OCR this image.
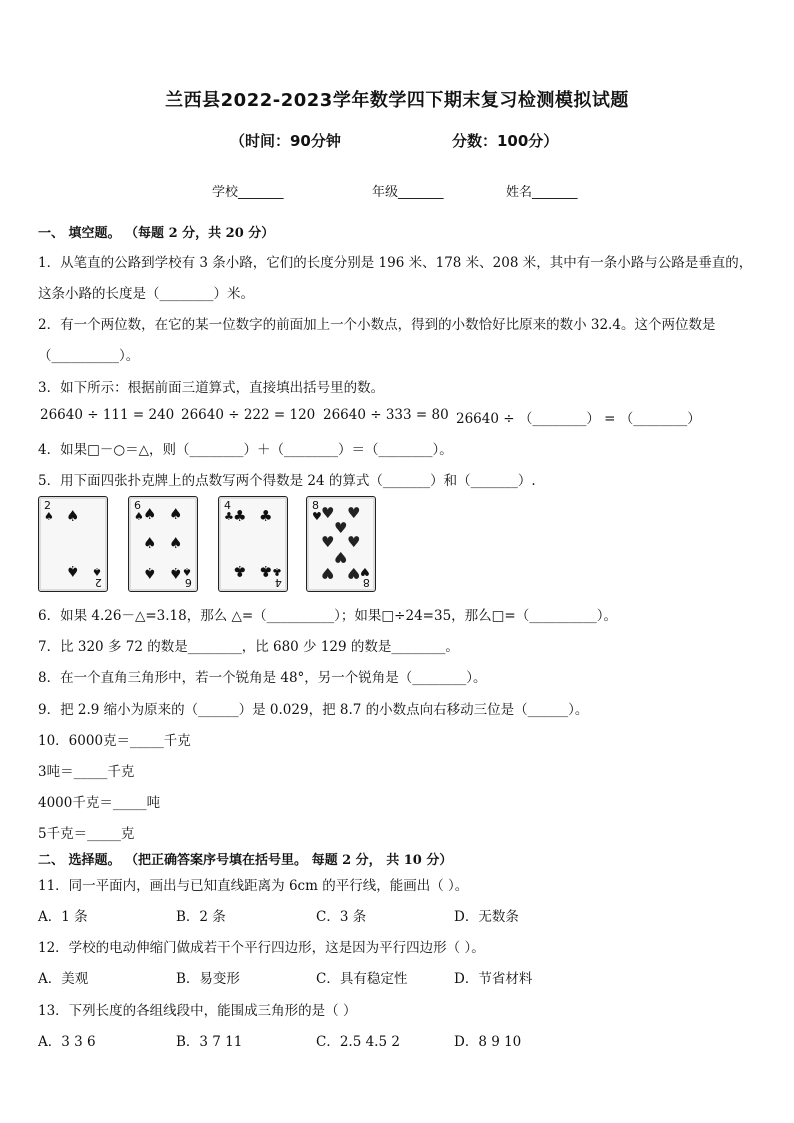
兰西县2022-2023学年数学四下期末复习检测模拟试题
（时间：90分钟	分数：100分）
学校_______	年级_______	姓名_______
一、 填空题。 （每题 2 分，共 20 分）
1．从笔直的公路到学校有 3 条小路，它们的长度分别是 196 米、178 米、208 米，其中有一条小路与公路是垂直的，
这条小路的长度是（________）米。
2．有一个两位数，在它的某一位数字的前面加上一个小数点，得到的小数恰好比原来的数小 32.4。这个两位数是
（__________）。
3．如下所示：根据前面三道算式，直接填出括号里的数。
26640 ÷ 111 = 240 26640 ÷ 222 = 120 26640 ÷ 333 = 80 26640 ÷ （________） = （________）
4．如果□－○＝△，则（________）＋（________）＝（________）。
5．用下面四张扑克牌上的点数写两个得数是 24 的算式（_______）和（_______）.
2
♠ ♠
♠
2
♠
6
♠ ♠ ♠
♠ ♠
♠ ♠
6
♠
4
♣ ♣ ♣
♣ ♣
4
♣
8
♥ ♥ ♥
♥
♥ ♥
♥
♥ ♥
8
♥
6．如果 4.26－△=3.18，那么 △=（__________）；如果□÷24=35，那么□=（__________）。
7．比 320 多 72 的数是________，比 680 少 129 的数是________。
8．在一个直角三角形中，若一个锐角是 48°，另一个锐角是（________）。
9．把 2.9 缩小为原来的（______）是 0.029，把 8.7 的小数点向右移动三位是（______）。
10．6000克＝_____千克
3吨＝_____千克
4000千克＝_____吨
5千克＝_____克
二、 选择题。 （把正确答案序号填在括号里。 每题 2 分， 共 10 分）
11．同一平面内，画出与已知直线距离为 6cm 的平行线，能画出（ ）。
A．1 条	B．2 条	C．3 条	D．无数条
12．学校的电动伸缩门做成若干个平行四边形，这是因为平行四边形（ ）。
A．美观	B．易变形	C．具有稳定性	D．节省材料
13．下列长度的各组线段中，能围成三角形的是（ ）
A．3 3 6	B．3 7 11	C．2.5 4.5 2	D．8 9 10
